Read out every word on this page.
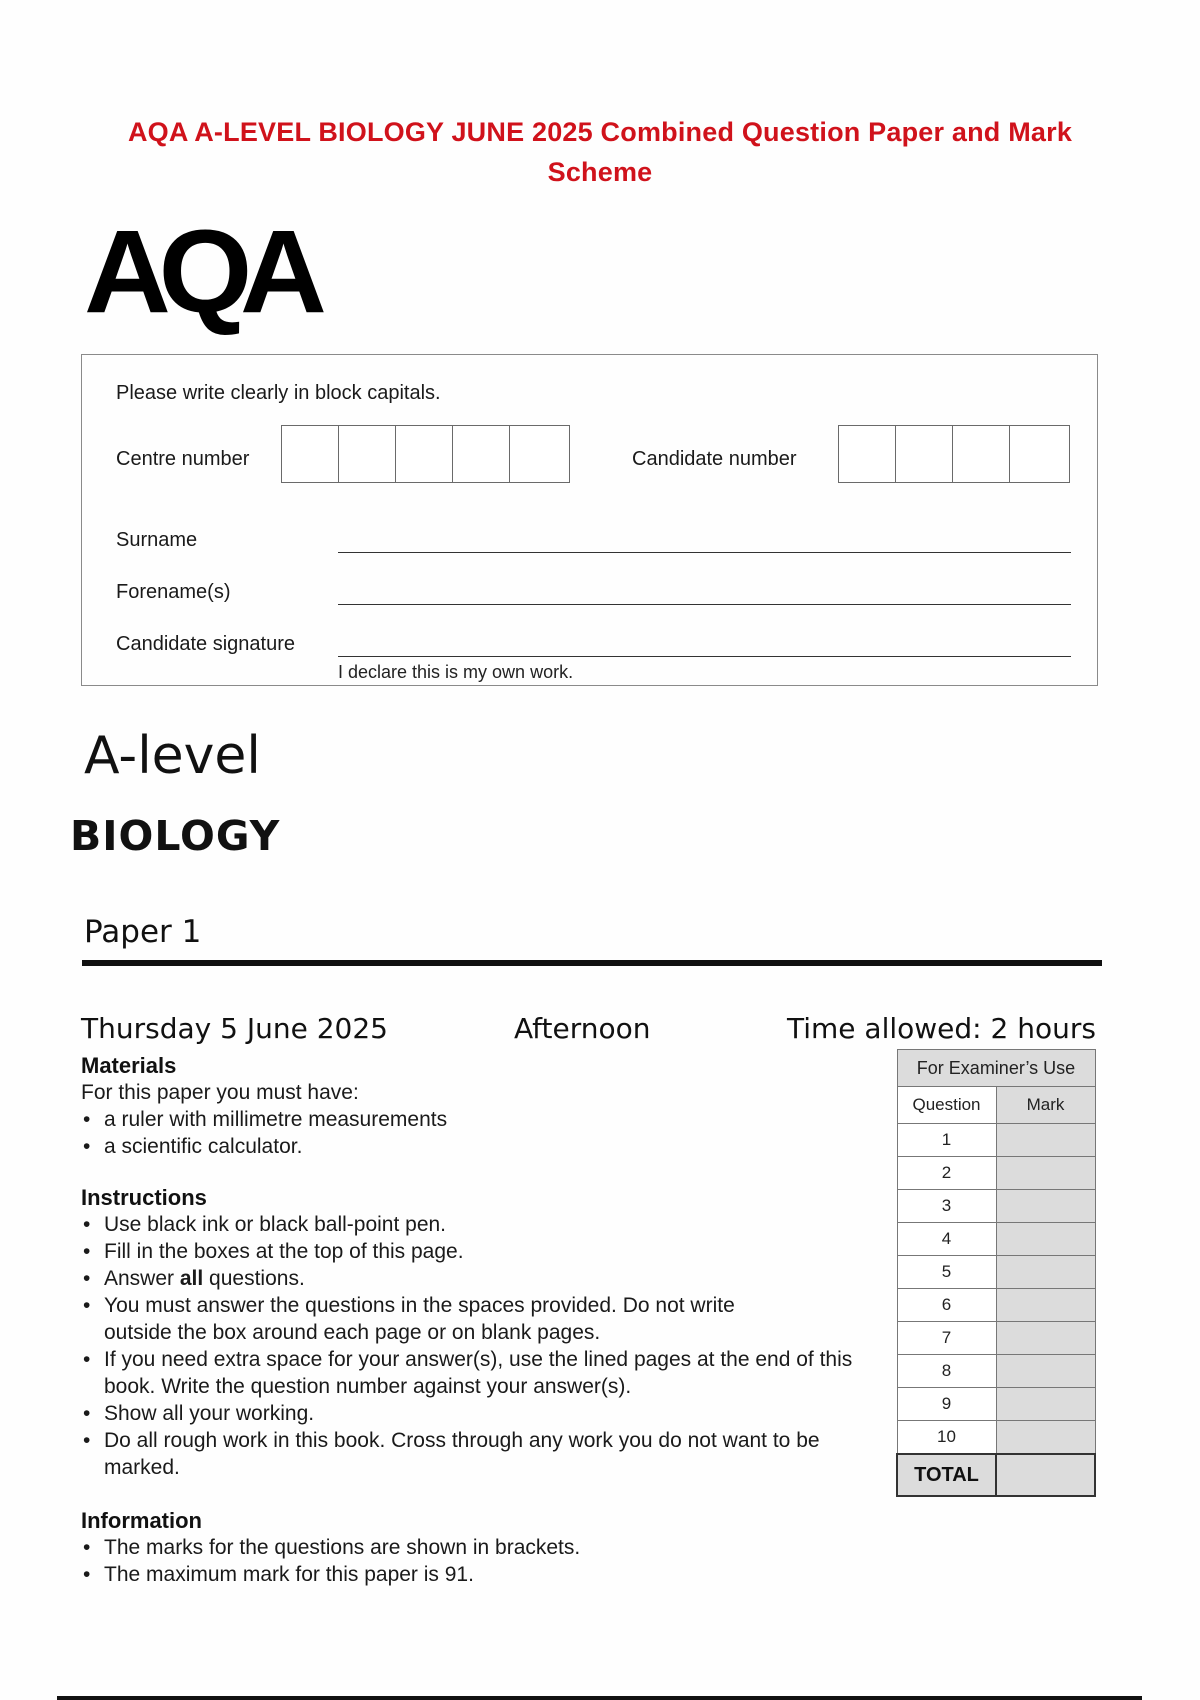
AQA A-LEVEL BIOLOGY JUNE 2025 Combined Question Paper and Mark
Scheme
AQA
Please write clearly in block capitals.
Centre number	Candidate number
Surname
Forename(s)
Candidate signature
I declare this is my own work.
A-level
BIOLOGY
Paper 1
Thursday 5 June 2025	Afternoon	Time allowed: 2 hours
Materials
For this paper you must have:
• a ruler with millimetre measurements
• a scientific calculator.
Instructions
• Use black ink or black ball-point pen.
• Fill in the boxes at the top of this page.
• Answer all questions.
• You must answer the questions in the spaces provided. Do not write outside the box around each page or on blank pages.
• If you need extra space for your answer(s), use the lined pages at the end of this book. Write the question number against your answer(s).
• Show all your working.
• Do all rough work in this book. Cross through any work you do not want to be marked.
Information
• The marks for the questions are shown in brackets.
• The maximum mark for this paper is 91.
For Examiner’s Use	
Question	Mark
1	
2	
3	
4	
5	
6	
7	
8	
9	
10	
TOTAL	
